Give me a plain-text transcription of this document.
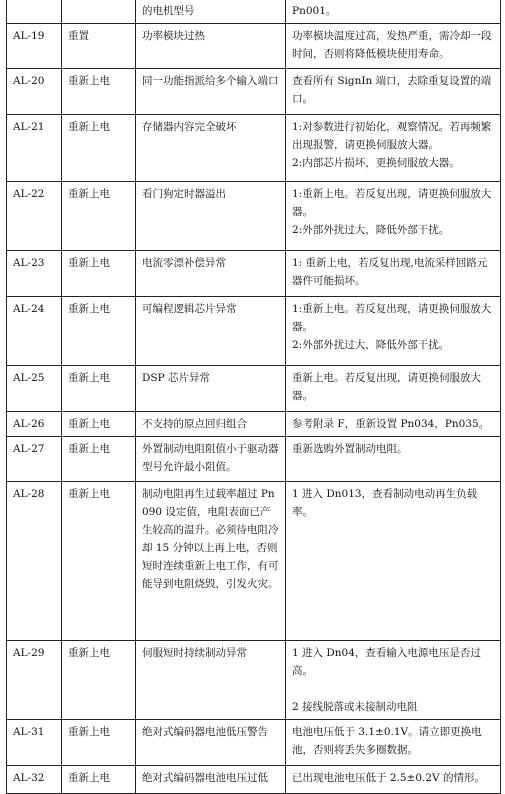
		的电机型号	Pn001。

AL-19	重置	功率模块过热	功率模块温度过高，发热严重，需冷却一段时间，否则将降低模块使用寿命。

AL-20	重新上电	同一功能指派给多个输入端口	查看所有 SignIn 端口，去除重复设置的端口。

AL-21	重新上电	存储器内容完全破坏	1:对参数进行初始化，观察情况。若再频繁出现报警，请更换伺服放大器。
2:内部芯片损坏，更换伺服放大器。

AL-22	重新上电	看门狗定时器溢出	1:重新上电。若反复出现，请更换伺服放大器。
2:外部外扰过大，降低外部干扰。

AL-23	重新上电	电流零漂补偿异常	1: 重新上电，若反复出现,电流采样回路元器件可能损坏。

AL-24	重新上电	可编程逻辑芯片异常	1:重新上电。若反复出现，请更换伺服放大器。
2:外部外扰过大，降低外部干扰。

AL-25	重新上电	DSP 芯片异常	重新上电。若反复出现，请更换伺服放大器。

AL-26	重新上电	不支持的原点回归组合	参考附录 F，重新设置 Pn034，Pn035。

AL-27	重新上电	外置制动电阻阻值小于驱动器型号允许最小阻值。	重新选购外置制动电阻。

AL-28	重新上电	制动电阻再生过载率超过 Pn090 设定值，电阻表面已产生较高的温升。必须待电阻冷却 15 分钟以上再上电，否则短时连续重新上电工作，有可能导到电阻烧毁，引发火灾。	1 进入 Dn013，查看制动电动再生负载率。

AL-29	重新上电	伺服短时持续制动异常	1 进入 Dn04，查看输入电源电压是否过高。
2 接线脱落或未接制动电阻

AL-31	重新上电	绝对式编码器电池低压警告	电池电压低于 3.1±0.1V。请立即更换电池，否则将丢失多圈数据。

AL-32	重新上电	绝对式编码器电池电压过低	已出现电池电压低于 2.5±0.2V 的情形。
